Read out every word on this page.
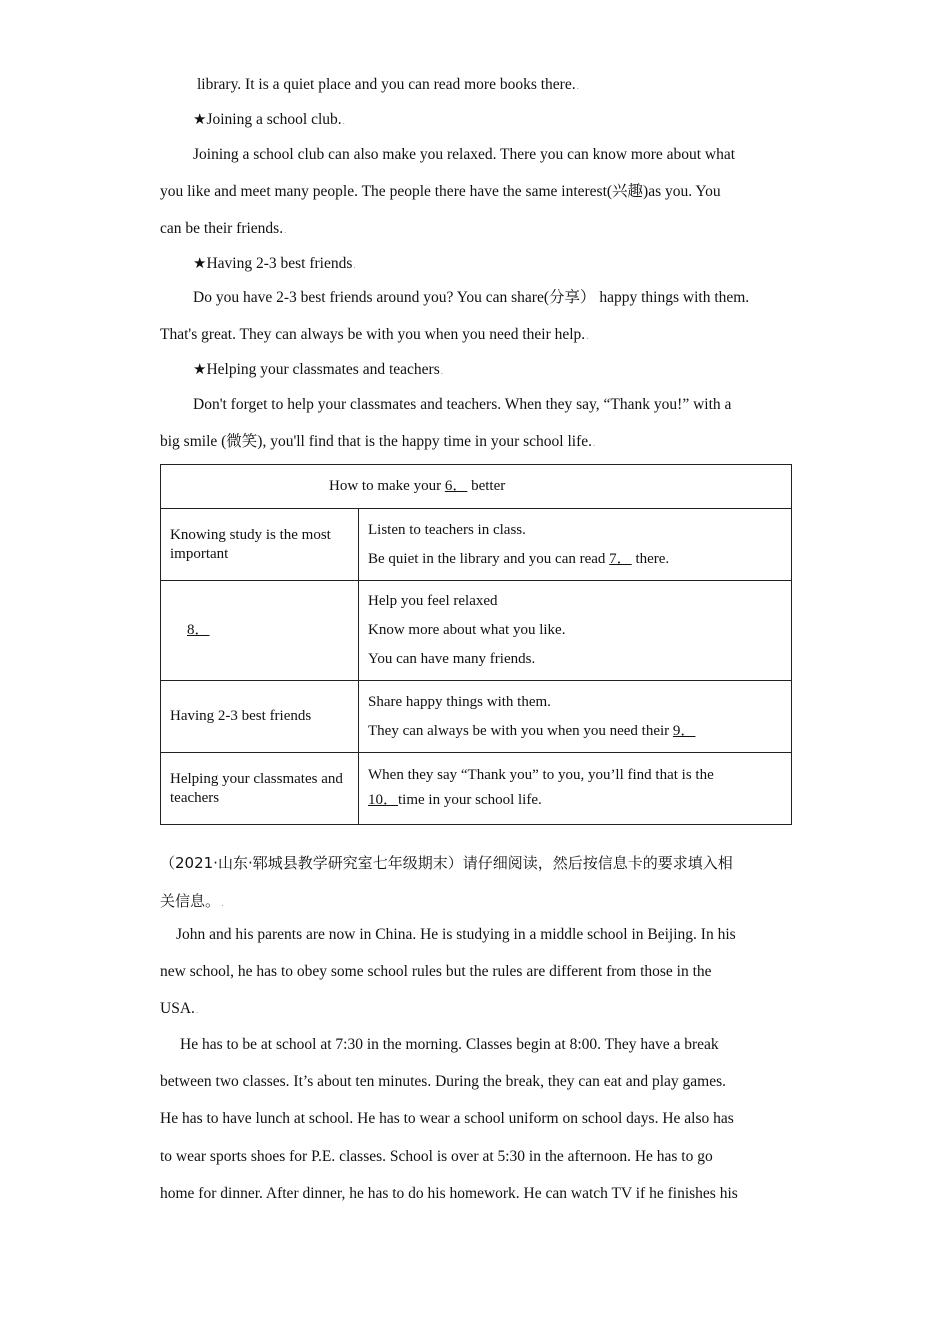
library. It is a quiet place and you can read more books there..
★Joining a school club..
Joining a school club can also make you relaxed. There you can know more about what
you like and meet many people. The people there have the same interest(兴趣)as you. You
can be their friends..
★Having 2-3 best friends.
Do you have 2-3 best friends around you? You can share(分享） happy things with them.
That's great. They can always be with you when you need their help..
★Helping your classmates and teachers.
Don't forget to help your classmates and teachers. When they say, “Thank you!” with a
big smile (微笑), you'll find that is the happy time in your school life..
How to make your 6． better	
Knowing study is the most important	Listen to teachers in class.
Be quiet in the library and you can read 7． there.

8．	Help you feel relaxed
Know more about what you like.
You can have many friends.

Having 2-3 best friends	Share happy things with them.
They can always be with you when you need their 9．

Helping your classmates and teachers	When they say “Thank you” to you, you’ll find that is the
10．time in your school life.
（2021·山东·郓城县教学研究室七年级期末）请仔细阅读，然后按信息卡的要求填入相
关信息。.
John and his parents are now in China. He is studying in a middle school in Beijing. In his
new school, he has to obey some school rules but the rules are different from those in the
USA..
He has to be at school at 7:30 in the morning. Classes begin at 8:00. They have a break
between two classes. It’s about ten minutes. During the break, they can eat and play games.
He has to have lunch at school. He has to wear a school uniform on school days. He also has
to wear sports shoes for P.E. classes. School is over at 5:30 in the afternoon. He has to go
home for dinner. After dinner, he has to do his homework. He can watch TV if he finishes his
